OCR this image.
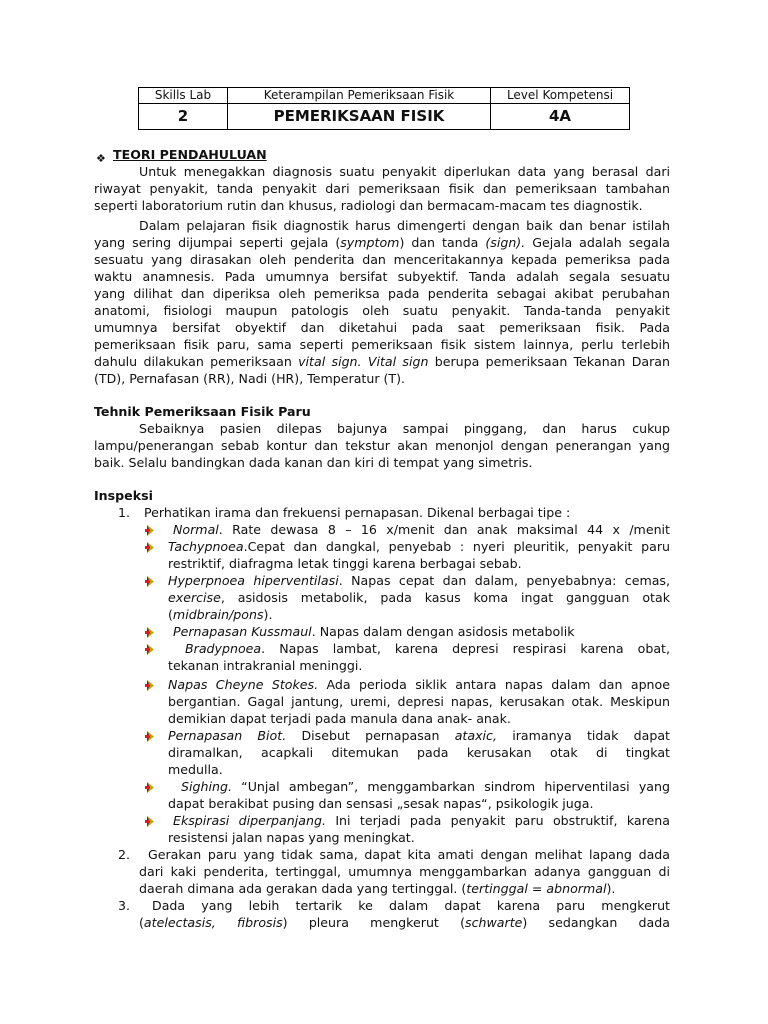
Skills Lab	Keterampilan Pemeriksaan Fisik	Level Kompetensi
2	PEMERIKSAAN FISIK	4A
❖ TEORI PENDAHULUAN
Untuk menegakkan diagnosis suatu penyakit diperlukan data yang berasal dari
riwayat penyakit, tanda penyakit dari pemeriksaan fisik dan pemeriksaan tambahan
seperti laboratorium rutin dan khusus, radiologi dan bermacam-macam tes diagnostik.
Dalam pelajaran fisik diagnostik harus dimengerti dengan baik dan benar istilah
yang sering dijumpai seperti gejala (symptom) dan tanda (sign). Gejala adalah segala
sesuatu yang dirasakan oleh penderita dan menceritakannya kepada pemeriksa pada
waktu anamnesis. Pada umumnya bersifat subyektif. Tanda adalah segala sesuatu
yang dilihat dan diperiksa oleh pemeriksa pada penderita sebagai akibat perubahan
anatomi, fisiologi maupun patologis oleh suatu penyakit. Tanda-tanda penyakit
umumnya bersifat obyektif dan diketahui pada saat pemeriksaan fisik. Pada
pemeriksaan fisik paru, sama seperti pemeriksaan fisik sistem lainnya, perlu terlebih
dahulu dilakukan pemeriksaan vital sign. Vital sign berupa pemeriksaan Tekanan Daran
(TD), Pernafasan (RR), Nadi (HR), Temperatur (T).
Tehnik Pemeriksaan Fisik Paru
Sebaiknya pasien dilepas bajunya sampai pinggang, dan harus cukup
lampu/penerangan sebab kontur dan tekstur akan menonjol dengan penerangan yang
baik. Selalu bandingkan dada kanan dan kiri di tempat yang simetris.
Inspeksi
1. Perhatikan irama dan frekuensi pernapasan. Dikenal berbagai tipe :
Normal. Rate dewasa 8 – 16 x/menit dan anak maksimal 44 x /menit
Tachypnoea.Cepat dan dangkal, penyebab : nyeri pleuritik, penyakit paru
restriktif, diafragma letak tinggi karena berbagai sebab.
Hyperpnoea hiperventilasi. Napas cepat dan dalam, penyebabnya: cemas,
exercise, asidosis metabolik, pada kasus koma ingat gangguan otak
(midbrain/pons).
Pernapasan Kussmaul. Napas dalam dengan asidosis metabolik
Bradypnoea. Napas lambat, karena depresi respirasi karena obat,
tekanan intrakranial meninggi.
Napas Cheyne Stokes. Ada perioda siklik antara napas dalam dan apnoe
bergantian. Gagal jantung, uremi, depresi napas, kerusakan otak. Meskipun
demikian dapat terjadi pada manula dana anak- anak.
Pernapasan Biot. Disebut pernapasan ataxic, iramanya tidak dapat
diramalkan, acapkali ditemukan pada kerusakan otak di tingkat
medulla.
Sighing. “Unjal ambegan”, menggambarkan sindrom hiperventilasi yang
dapat berakibat pusing dan sensasi „sesak napas“, psikologik juga.
Ekspirasi diperpanjang. Ini terjadi pada penyakit paru obstruktif, karena
resistensi jalan napas yang meningkat.
2. Gerakan paru yang tidak sama, dapat kita amati dengan melihat lapang dada
dari kaki penderita, tertinggal, umumnya menggambarkan adanya gangguan di
daerah dimana ada gerakan dada yang tertinggal. (tertinggal = abnormal).
3. Dada yang lebih tertarik ke dalam dapat karena paru mengkerut
(atelectasis, fibrosis) pleura mengkerut (schwarte) sedangkan dada
